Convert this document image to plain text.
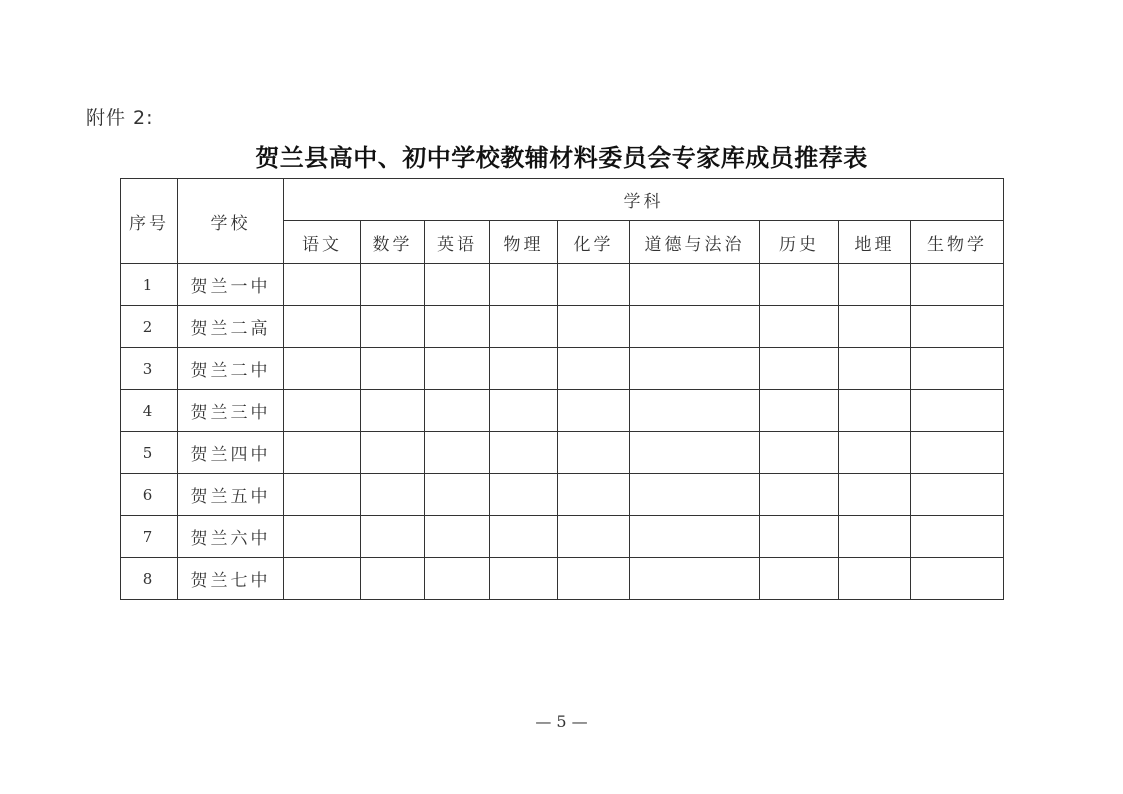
附件 2:
贺兰县高中、初中学校教辅材料委员会专家库成员推荐表
序号	学校	学科								
		语文	数学	英语	物理	化学	道德与法治	历史	地理	生物学
1	贺兰一中									
2	贺兰二高									
3	贺兰二中									
4	贺兰三中									
5	贺兰四中									
6	贺兰五中									
7	贺兰六中									
8	贺兰七中									
— 5 —
